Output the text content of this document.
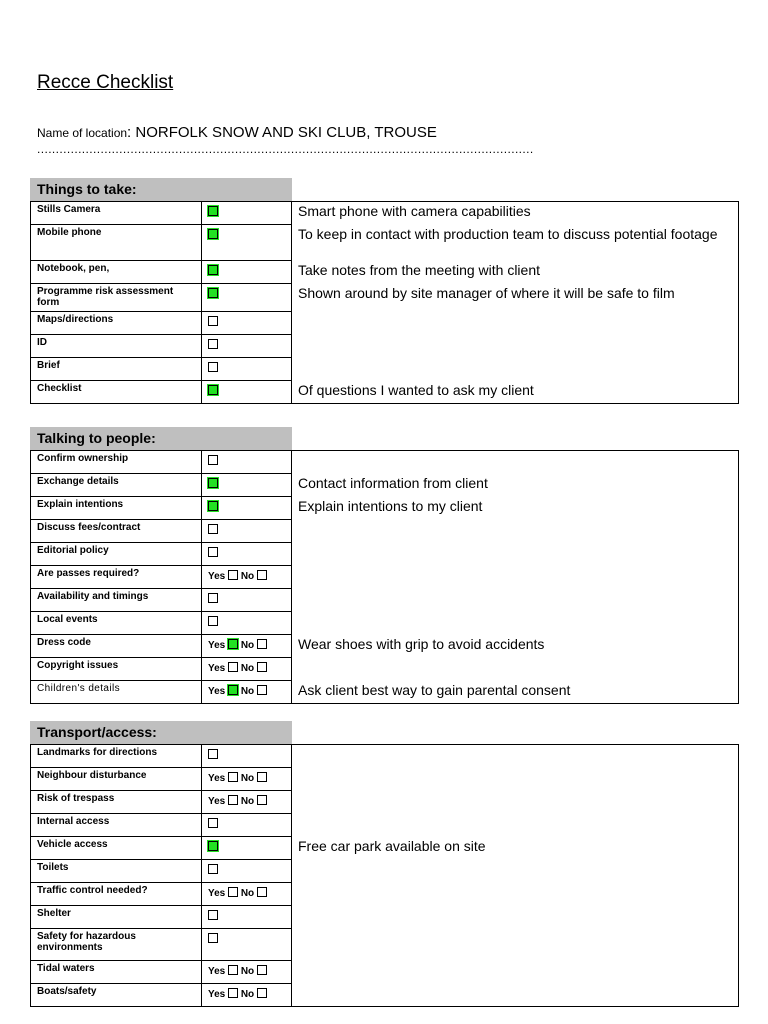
Recce Checklist
Name of location: NORFOLK SNOW AND SKI CLUB, TROUSE
.....................................................................................................................................
Things to take:
Stills Camera		Smart phone with camera capabilities
Mobile phone		To keep in contact with production team to discuss potential footage
Notebook, pen,		Take notes from the meeting with client
Programme risk assessment form		Shown around by site manager of where it will be safe to film
Maps/directions		
ID		
Brief		
Checklist		Of questions I wanted to ask my client
Talking to people:
Confirm ownership		
Exchange details		Contact information from client
Explain intentions		Explain intentions to my client
Discuss fees/contract		
Editorial policy		
Are passes required?	Yes No	
Availability and timings		
Local events		
Dress code	Yes No	Wear shoes with grip to avoid accidents
Copyright issues	Yes No	
Children's details	Yes No	Ask client best way to gain parental consent
Transport/access:
Landmarks for directions		
Neighbour disturbance	Yes No	
Risk of trespass	Yes No	
Internal access		
Vehicle access		Free car park available on site
Toilets		
Traffic control needed?	Yes No	
Shelter		
Safety for hazardous environments		
Tidal waters	Yes No	
Boats/safety	Yes No	
